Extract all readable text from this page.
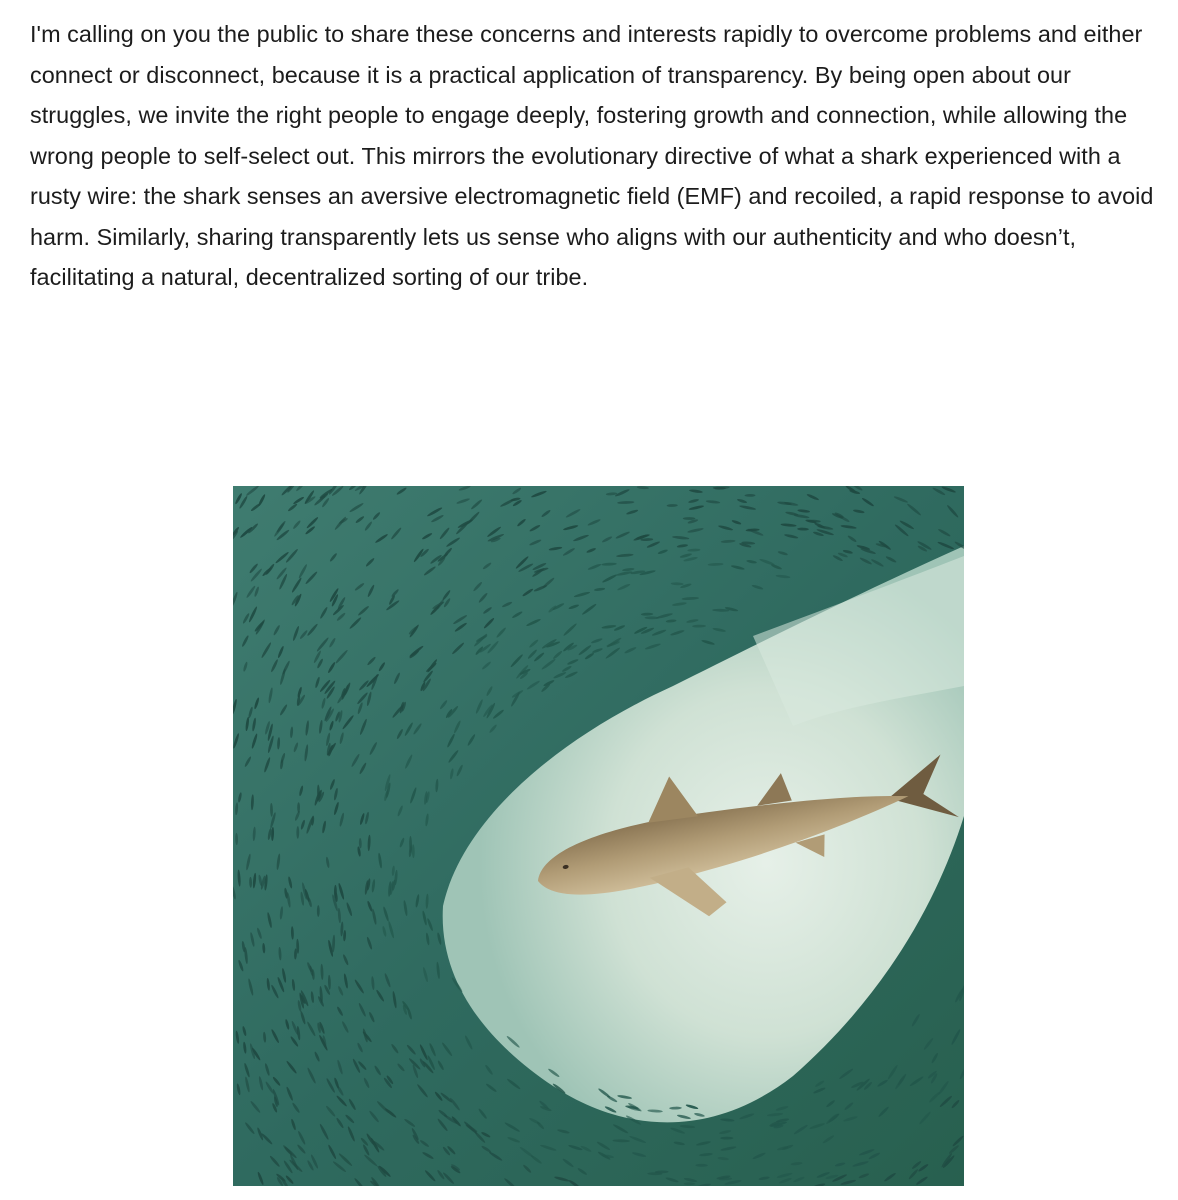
I'm calling on you the public to share these concerns and interests rapidly to overcome problems and either connect or disconnect, because it is a practical application of transparency. By being open about our struggles, we invite the right people to engage deeply, fostering growth and connection, while allowing the wrong people to self-select out. This mirrors the evolutionary directive of what a shark experienced with a rusty wire: the shark senses an aversive electromagnetic field (EMF) and recoiled, a rapid response to avoid harm. Similarly, sharing transparently lets us sense who aligns with our authenticity and who doesn’t, facilitating a natural, decentralized sorting of our tribe.
